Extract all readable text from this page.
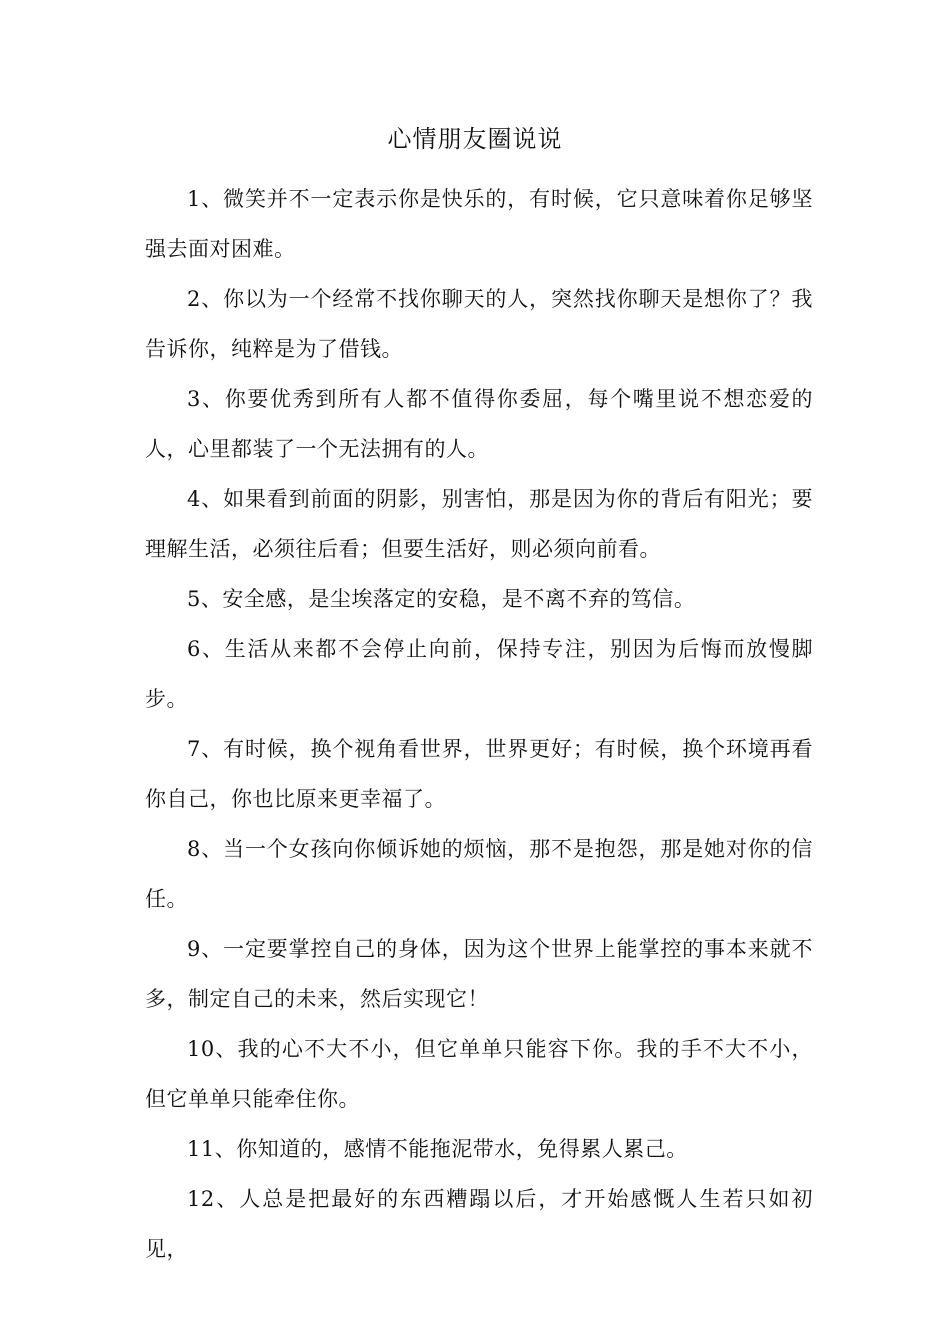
心情朋友圈说说

1、微笑并不一定表示你是快乐的，有时候，它只意味着你足够坚强去面对困难。

2、你以为一个经常不找你聊天的人，突然找你聊天是想你了？我告诉你，纯粹是为了借钱。

3、你要优秀到所有人都不值得你委屈，每个嘴里说不想恋爱的人，心里都装了一个无法拥有的人。

4、如果看到前面的阴影，别害怕，那是因为你的背后有阳光；要理解生活，必须往后看；但要生活好，则必须向前看。

5、安全感，是尘埃落定的安稳，是不离不弃的笃信。

6、生活从来都不会停止向前，保持专注，别因为后悔而放慢脚步。

7、有时候，换个视角看世界，世界更好；有时候，换个环境再看你自己，你也比原来更幸福了。

8、当一个女孩向你倾诉她的烦恼，那不是抱怨，那是她对你的信任。

9、一定要掌控自己的身体，因为这个世界上能掌控的事本来就不多，制定自己的未来，然后实现它！

10、我的心不大不小，但它单单只能容下你。我的手不大不小，但它单单只能牵住你。

11、你知道的，感情不能拖泥带水，免得累人累己。

12、人总是把最好的东西糟蹋以后，才开始感慨人生若只如初见，
